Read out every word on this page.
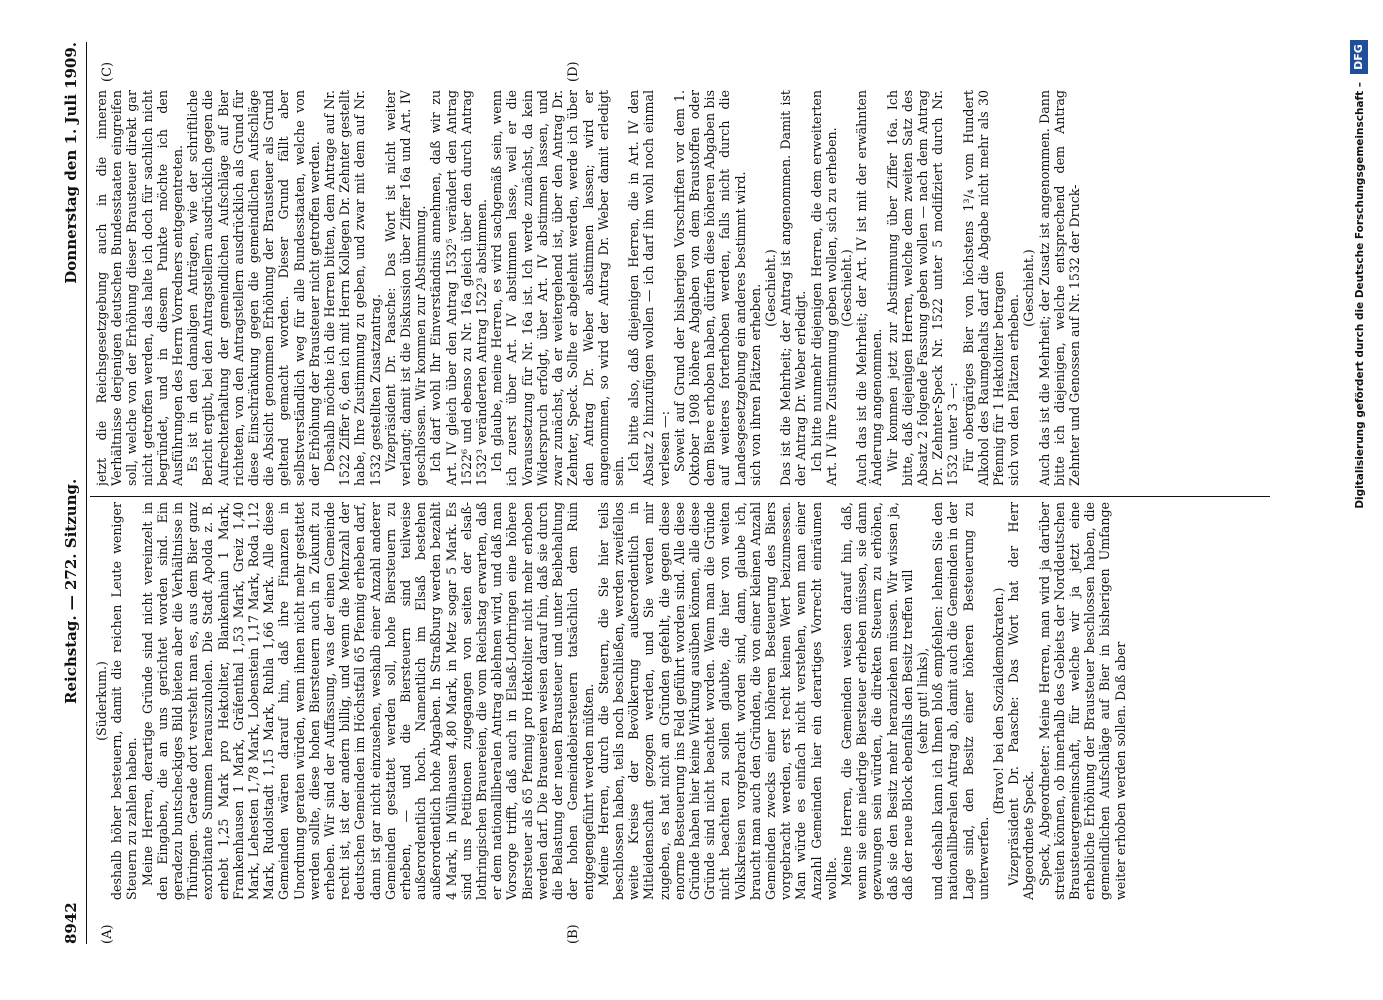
8942
Reichstag. — 272. Sitzung.
Donnerstag den 1. Juli 1909.
(A)	(B)
(C)	(D)

(Süderkum.) deshalb höher besteuern, damit die reichen Leute weniger Steuern zu zahlen haben. Meine Herren, derartige Gründe sind nicht vereinzelt in den Eingaben, die an uns gerichtet worden sind. Ein geradezu buntscheckiges Bild bieten aber die Verhältnisse in Thüringen. Gerade dort versteht man es, aus dem Bier ganz exorbitante Summen herauszuholen. Die Stadt Apolda z. B. erhebt 1,25 Mark pro Hektoliter, Blankenhain 1 Mark, Frankenhausen 1 Mark, Gräfenthal 1,53 Mark, Greiz 1,40 Mark, Lehesten 1,78 Mark, Lobenstein 1,17 Mark, Roda 1,12 Mark, Rudolstadt 1,15 Mark, Ruhla 1,66 Mark. Alle diese Gemeinden wären darauf hin, daß ihre Finanzen in Unordnung geraten würden, wenn ihnen nicht mehr gestattet werden sollte, diese hohen Biersteuern auch in Zukunft zu erheben. Wir sind der Auffassung, was der einen Gemeinde recht ist, ist der andern billig, und wenn die Mehrzahl der deutschen Gemeinden im Höchstfall 65 Pfennig erheben darf, dann ist gar nicht einzusehen, weshalb einer Anzahl anderer Gemeinden gestattet werden soll, hohe Biersteuern zu erheben, — und die Biersteuern sind teilweise außerordentlich hoch. Namentlich im Elsaß bestehen außerordentlich hohe Abgaben. In Straßburg werden bezahlt 4 Mark, in Mülhausen 4,80 Mark, in Metz sogar 5 Mark. Es sind uns Petitionen zugegangen von seiten der elsaß-lothringischen Brauereien, die vom Reichstag erwarten, daß er dem nationalliberalen Antrag ablehnen wird, und daß man Vorsorge trifft, daß auch in Elsaß-Lothringen eine höhere Biersteuer als 65 Pfennig pro Hektoliter nicht mehr erhoben werden darf. Die Brauereien weisen darauf hin, daß sie durch die Belastung der neuen Brausteuer und unter Beibehaltung der hohen Gemeindebiersteuern tatsächlich dem Ruin entgegengeführt werden müßten. Meine Herren, durch die Steuern, die Sie hier teils beschlossen haben, teils noch beschließen, werden zweifellos weite Kreise der Bevölkerung außerordentlich in Mitleidenschaft gezogen werden, und Sie werden mir zugeben, es hat nicht an Gründen gefehlt, die gegen diese enorme Besteuerung ins Feld geführt worden sind. Alle diese Gründe haben hier keine Wirkung ausüben können, alle diese Gründe sind nicht beachtet worden. Wenn man die Gründe nicht beachten zu sollen glaubte, die hier von weiten Volkskreisen vorgebracht worden sind, dann, glaube ich, braucht man auch den Gründen, die von einer kleinen Anzahl Gemeinden zwecks einer höheren Besteuerung des Biers vorgebracht werden, erst recht keinen Wert beizumessen. Man würde es einfach nicht verstehen, wenn man einer Anzahl Gemeinden hier ein derartiges Vorrecht einräumen wollte. Meine Herren, die Gemeinden weisen darauf hin, daß, wenn sie eine niedrige Biersteuer erheben müssen, sie dann gezwungen sein würden, die direkten Steuern zu erhöhen, daß sie den Besitz mehr heranziehen müssen. Wir wissen ja, daß der neue Block ebenfalls den Besitz treffen will (sehr gut! links), und deshalb kann ich Ihnen bloß empfehlen: lehnen Sie den nationalliberalen Antrag ab, damit auch die Gemeinden in der Lage sind, den Besitz einer höheren Besteuerung zu unterwerfen.

(Bravo! bei den Sozialdemokraten.) Vizepräsident Dr. Paasche: Das Wort hat der Herr Abgeordnete Speck. Speck, Abgeordneter: Meine Herren, man wird ja darüber streiten können, ob innerhalb des Gebiets der Norddeutschen Brausteuergemeinschaft, für welche wir ja jetzt eine erhebliche Erhöhung der Brausteuer beschlossen haben, die gemeindlichen Aufschläge auf Bier in bisherigen Umfange weiter erhoben werden sollen. Daß aber

jetzt die Reichsgesetzgebung auch in die inneren Verhältnisse derjenigen deutschen Bundesstaaten eingreifen soll, welche von der Erhöhung dieser Brausteuer direkt gar nicht getroffen werden, das halte ich doch für sachlich nicht begründet, und in diesem Punkte möchte ich den Ausführungen des Herrn Vorredners entgegentreten. Es ist in den damaligen Anträgen, wie der schriftliche Bericht ergibt, bei den Antragstellern ausdrücklich gegen die Aufrechterhaltung der gemeindlichen Aufschläge auf Bier richteten, von den Antragstellern ausdrücklich als Grund für diese Einschränkung gegen die gemeindlichen Aufschläge die Absicht genommen Erhöhung der Brausteuer als Grund geltend gemacht worden. Dieser Grund fällt aber selbstverständlich weg für alle Bundesstaaten, welche von der Erhöhung der Brausteuer nicht getroffen werden. Deshalb möchte ich die Herren bitten, dem Antrage auf Nr. 1522 Ziffer 6, den ich mit Herrn Kollegen Dr. Zehnter gestellt habe, Ihre Zustimmung zu geben, und zwar mit dem auf Nr. 1532 gestellten Zusatzantrag. Vizepräsident Dr. Paasche: Das Wort ist nicht weiter verlangt; damit ist die Diskussion über Ziffer 16a und Art. IV geschlossen. Wir kommen zur Abstimmung. Ich darf wohl Ihr Einverständnis annehmen, daß wir zu Art. IV gleich über den Antrag 1532⁵ verändert den Antrag 1522⁶ und ebenso zu Nr. 16a gleich über den durch Antrag 1532³ veränderten Antrag 1522³ abstimmen. Ich glaube, meine Herren, es wird sachgemäß sein, wenn ich zuerst über Art. IV abstimmen lasse, weil er die Voraussetzung für Nr. 16a ist. Ich werde zunächst, da kein Widerspruch erfolgt, über Art. IV abstimmen lassen, und zwar zunächst, da er weitergehend ist, über den Antrag Dr. Zehnter, Speck. Sollte er abgelehnt werden, werde ich über den Antrag Dr. Weber abstimmen lassen; wird er angenommen, so wird der Antrag Dr. Weber damit erledigt sein. Ich bitte also, daß diejenigen Herren, die in Art. IV den Absatz 2 hinzufügen wollen — ich darf ihn wohl noch einmal verlesen —: Soweit auf Grund der bisherigen Vorschriften vor dem 1. Oktober 1908 höhere Abgaben von dem Braustoffen oder dem Biere erhoben haben, dürfen diese höheren Abgaben bis auf weiteres forterhoben werden, falls nicht durch die Landesgesetzgebung ein anderes bestimmt wird. sich von ihren Plätzen erheben. (Geschieht.) Das ist die Mehrheit; der Antrag ist angenommen. Damit ist der Antrag Dr. Weber erledigt. Ich bitte nunmehr diejenigen Herren, die dem erweiterten Art. IV ihre Zustimmung geben wollen, sich zu erheben. (Geschieht.) Auch das ist die Mehrheit; der Art. IV ist mit der erwähnten Änderung angenommen. Wir kommen jetzt zur Abstimmung über Ziffer 16a. Ich bitte, daß diejenigen Herren, welche dem zweiten Satz des Absatz 2 folgende Fassung geben wollen — nach dem Antrag Dr. Zehnter-Speck Nr. 1522 unter 5 modifiziert durch Nr. 1532 unter 3 —: Für obergäriges Bier von höchstens 1³/₄ vom Hundert Alkohol des Raumgehalts darf die Abgabe nicht mehr als 30 Pfennig für 1 Hektoliter betragen sich von den Plätzen erheben.

(Geschieht.) Auch das ist die Mehrheit; der Zusatz ist angenommen. Dann bitte ich diejenigen, welche entsprechend dem Antrag Zehnter und Genossen auf Nr. 1532 der Druck-	Digitalisierung gefördert durch die Deutsche Forschungsgemeinschaft –
DFG
